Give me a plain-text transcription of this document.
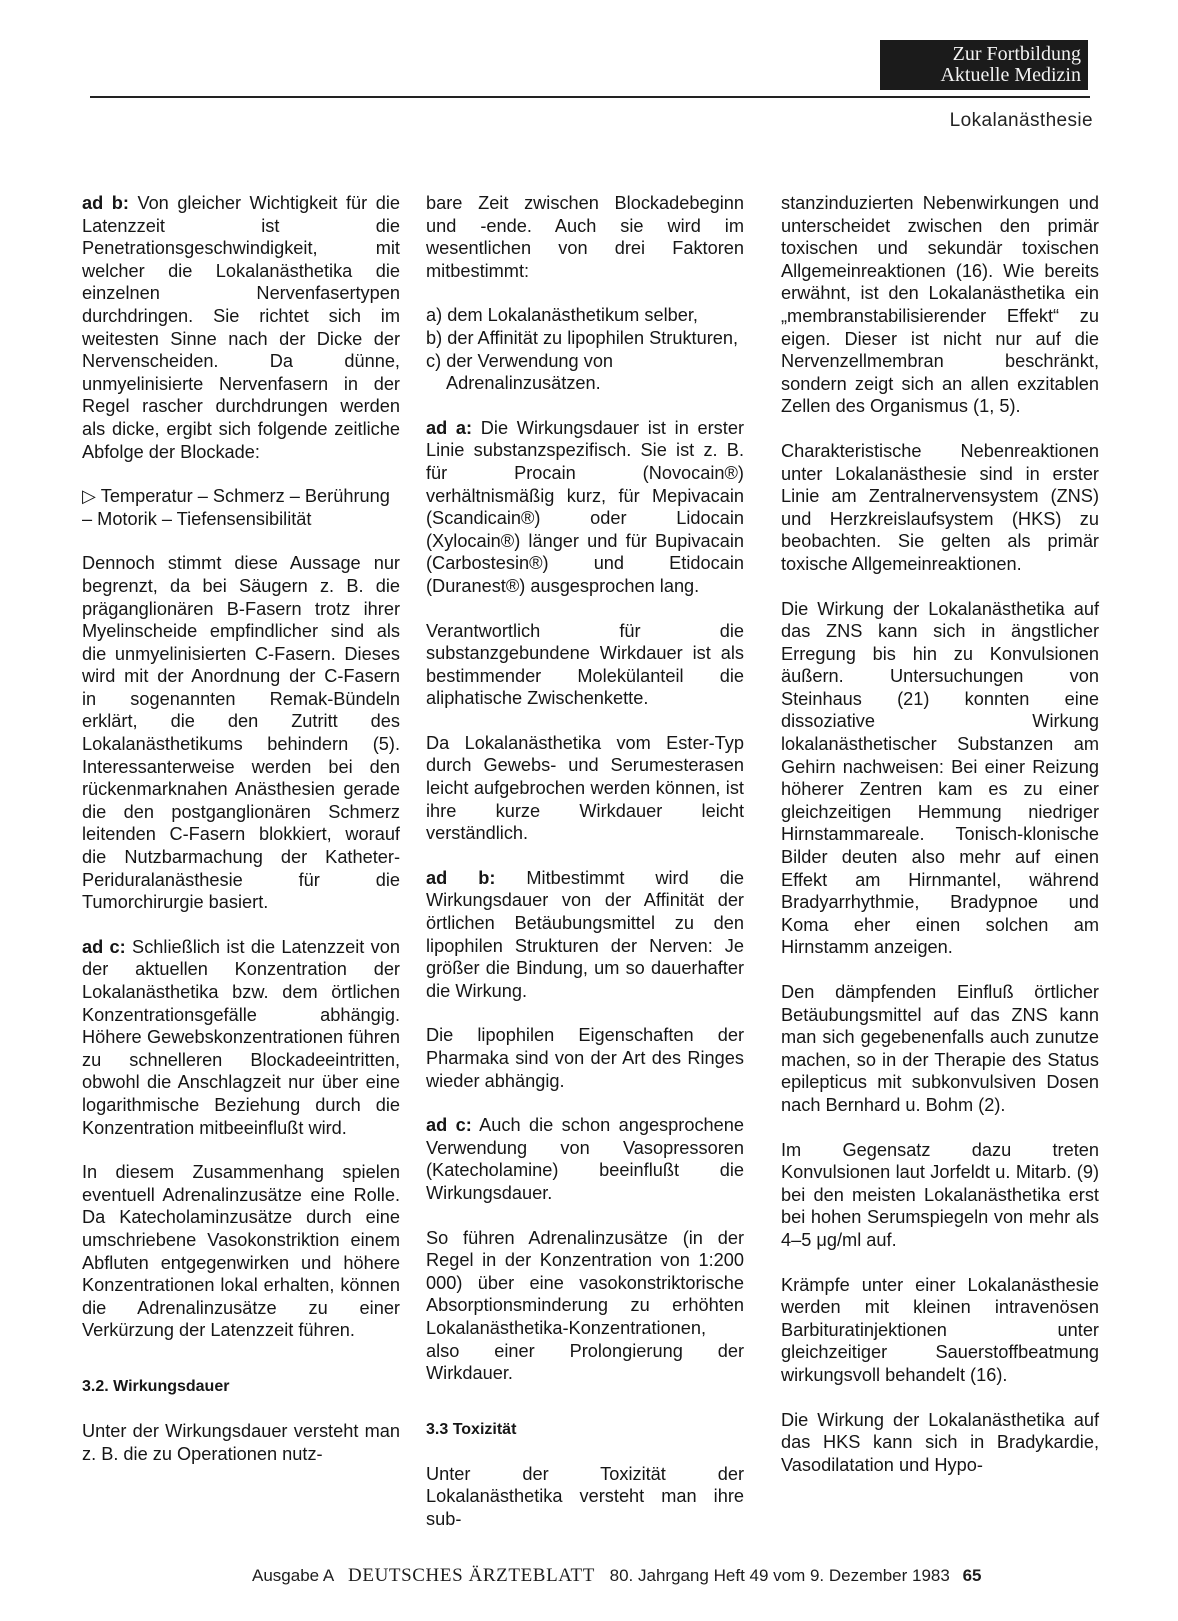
Zur Fortbildung
Aktuelle Medizin
Lokalanästhesie

ad b: Von gleicher Wichtigkeit für die Latenzzeit ist die Penetrationsgeschwindigkeit, mit welcher die Lokalanästhetika die einzelnen Nervenfasertypen durchdringen. Sie richtet sich im weitesten Sinne nach der Dicke der Nervenscheiden. Da dünne, unmyelinisierte Nervenfasern in der Regel rascher durchdrungen werden als dicke, ergibt sich folgende zeitliche Abfolge der Blockade:

▷ Temperatur – Schmerz – Berührung – Motorik – Tiefensensibilität

Dennoch stimmt diese Aussage nur begrenzt, da bei Säugern z. B. die präganglionären B-Fasern trotz ihrer Myelinscheide empfindlicher sind als die unmyelinisierten C-Fasern. Dieses wird mit der Anordnung der C-Fasern in sogenannten Remak-Bündeln erklärt, die den Zutritt des Lokalanästhetikums behindern (5). Interessanterweise werden bei den rückenmarknahen Anästhesien gerade die den postganglionären Schmerz leitenden C-Fasern blokkiert, worauf die Nutzbarmachung der Katheter-Periduralanästhesie für die Tumorchirurgie basiert.

ad c: Schließlich ist die Latenzzeit von der aktuellen Konzentration der Lokalanästhetika bzw. dem örtlichen Konzentrationsgefälle abhängig. Höhere Gewebskonzentrationen führen zu schnelleren Blockadeeintritten, obwohl die Anschlagzeit nur über eine logarithmische Beziehung durch die Konzentration mitbeeinflußt wird.

In diesem Zusammenhang spielen eventuell Adrenalinzusätze eine Rolle. Da Katecholaminzusätze durch eine umschriebene Vasokonstriktion einem Abfluten entgegenwirken und höhere Konzentrationen lokal erhalten, können die Adrenalinzusätze zu einer Verkürzung der Latenzzeit führen.

3.2. Wirkungsdauer

Unter der Wirkungsdauer versteht man z. B. die zu Operationen nutz-

bare Zeit zwischen Blockadebeginn und -ende. Auch sie wird im wesentlichen von drei Faktoren mitbestimmt:

a) dem Lokalanästhetikum selber,
b) der Affinität zu lipophilen Strukturen,
c) der Verwendung von Adrenalinzusätzen.

ad a: Die Wirkungsdauer ist in erster Linie substanzspezifisch. Sie ist z. B. für Procain (Novocain®) verhältnismäßig kurz, für Mepivacain (Scandicain®) oder Lidocain (Xylocain®) länger und für Bupivacain (Carbostesin®) und Etidocain (Duranest®) ausgesprochen lang.

Verantwortlich für die substanzgebundene Wirkdauer ist als bestimmender Molekülanteil die aliphatische Zwischenkette.

Da Lokalanästhetika vom Ester-Typ durch Gewebs- und Serumesterasen leicht aufgebrochen werden können, ist ihre kurze Wirkdauer leicht verständlich.

ad b: Mitbestimmt wird die Wirkungsdauer von der Affinität der örtlichen Betäubungsmittel zu den lipophilen Strukturen der Nerven: Je größer die Bindung, um so dauerhafter die Wirkung.

Die lipophilen Eigenschaften der Pharmaka sind von der Art des Ringes wieder abhängig.

ad c: Auch die schon angesprochene Verwendung von Vasopressoren (Katecholamine) beeinflußt die Wirkungsdauer.

So führen Adrenalinzusätze (in der Regel in der Konzentration von 1:200 000) über eine vasokonstriktorische Absorptionsminderung zu erhöhten Lokalanästhetika-Konzentrationen, also einer Prolongierung der Wirkdauer.

3.3 Toxizität

Unter der Toxizität der Lokalanästhetika versteht man ihre sub-

stanzinduzierten Nebenwirkungen und unterscheidet zwischen den primär toxischen und sekundär toxischen Allgemeinreaktionen (16). Wie bereits erwähnt, ist den Lokalanästhetika ein „membranstabilisierender Effekt“ zu eigen. Dieser ist nicht nur auf die Nervenzellmembran beschränkt, sondern zeigt sich an allen exzitablen Zellen des Organismus (1, 5).

Charakteristische Nebenreaktionen unter Lokalanästhesie sind in erster Linie am Zentralnervensystem (ZNS) und Herzkreislaufsystem (HKS) zu beobachten. Sie gelten als primär toxische Allgemeinreaktionen.

Die Wirkung der Lokalanästhetika auf das ZNS kann sich in ängstlicher Erregung bis hin zu Konvulsionen äußern. Untersuchungen von Steinhaus (21) konnten eine dissoziative Wirkung lokalanästhetischer Substanzen am Gehirn nachweisen: Bei einer Reizung höherer Zentren kam es zu einer gleichzeitigen Hemmung niedriger Hirnstammareale. Tonisch-klonische Bilder deuten also mehr auf einen Effekt am Hirnmantel, während Bradyarrhythmie, Bradypnoe und Koma eher einen solchen am Hirnstamm anzeigen.

Den dämpfenden Einfluß örtlicher Betäubungsmittel auf das ZNS kann man sich gegebenenfalls auch zunutze machen, so in der Therapie des Status epilepticus mit subkonvulsiven Dosen nach Bernhard u. Bohm (2).

Im Gegensatz dazu treten Konvulsionen laut Jorfeldt u. Mitarb. (9) bei den meisten Lokalanästhetika erst bei hohen Serumspiegeln von mehr als 4–5 μg/ml auf.

Krämpfe unter einer Lokalanästhesie werden mit kleinen intravenösen Barbituratinjektionen unter gleichzeitiger Sauerstoffbeatmung wirkungsvoll behandelt (16).

Die Wirkung der Lokalanästhetika auf das HKS kann sich in Bradykardie, Vasodilatation und Hypo-

Ausgabe A DEUTSCHES ÄRZTEBLATT 80. Jahrgang Heft 49 vom 9. Dezember 1983 65
